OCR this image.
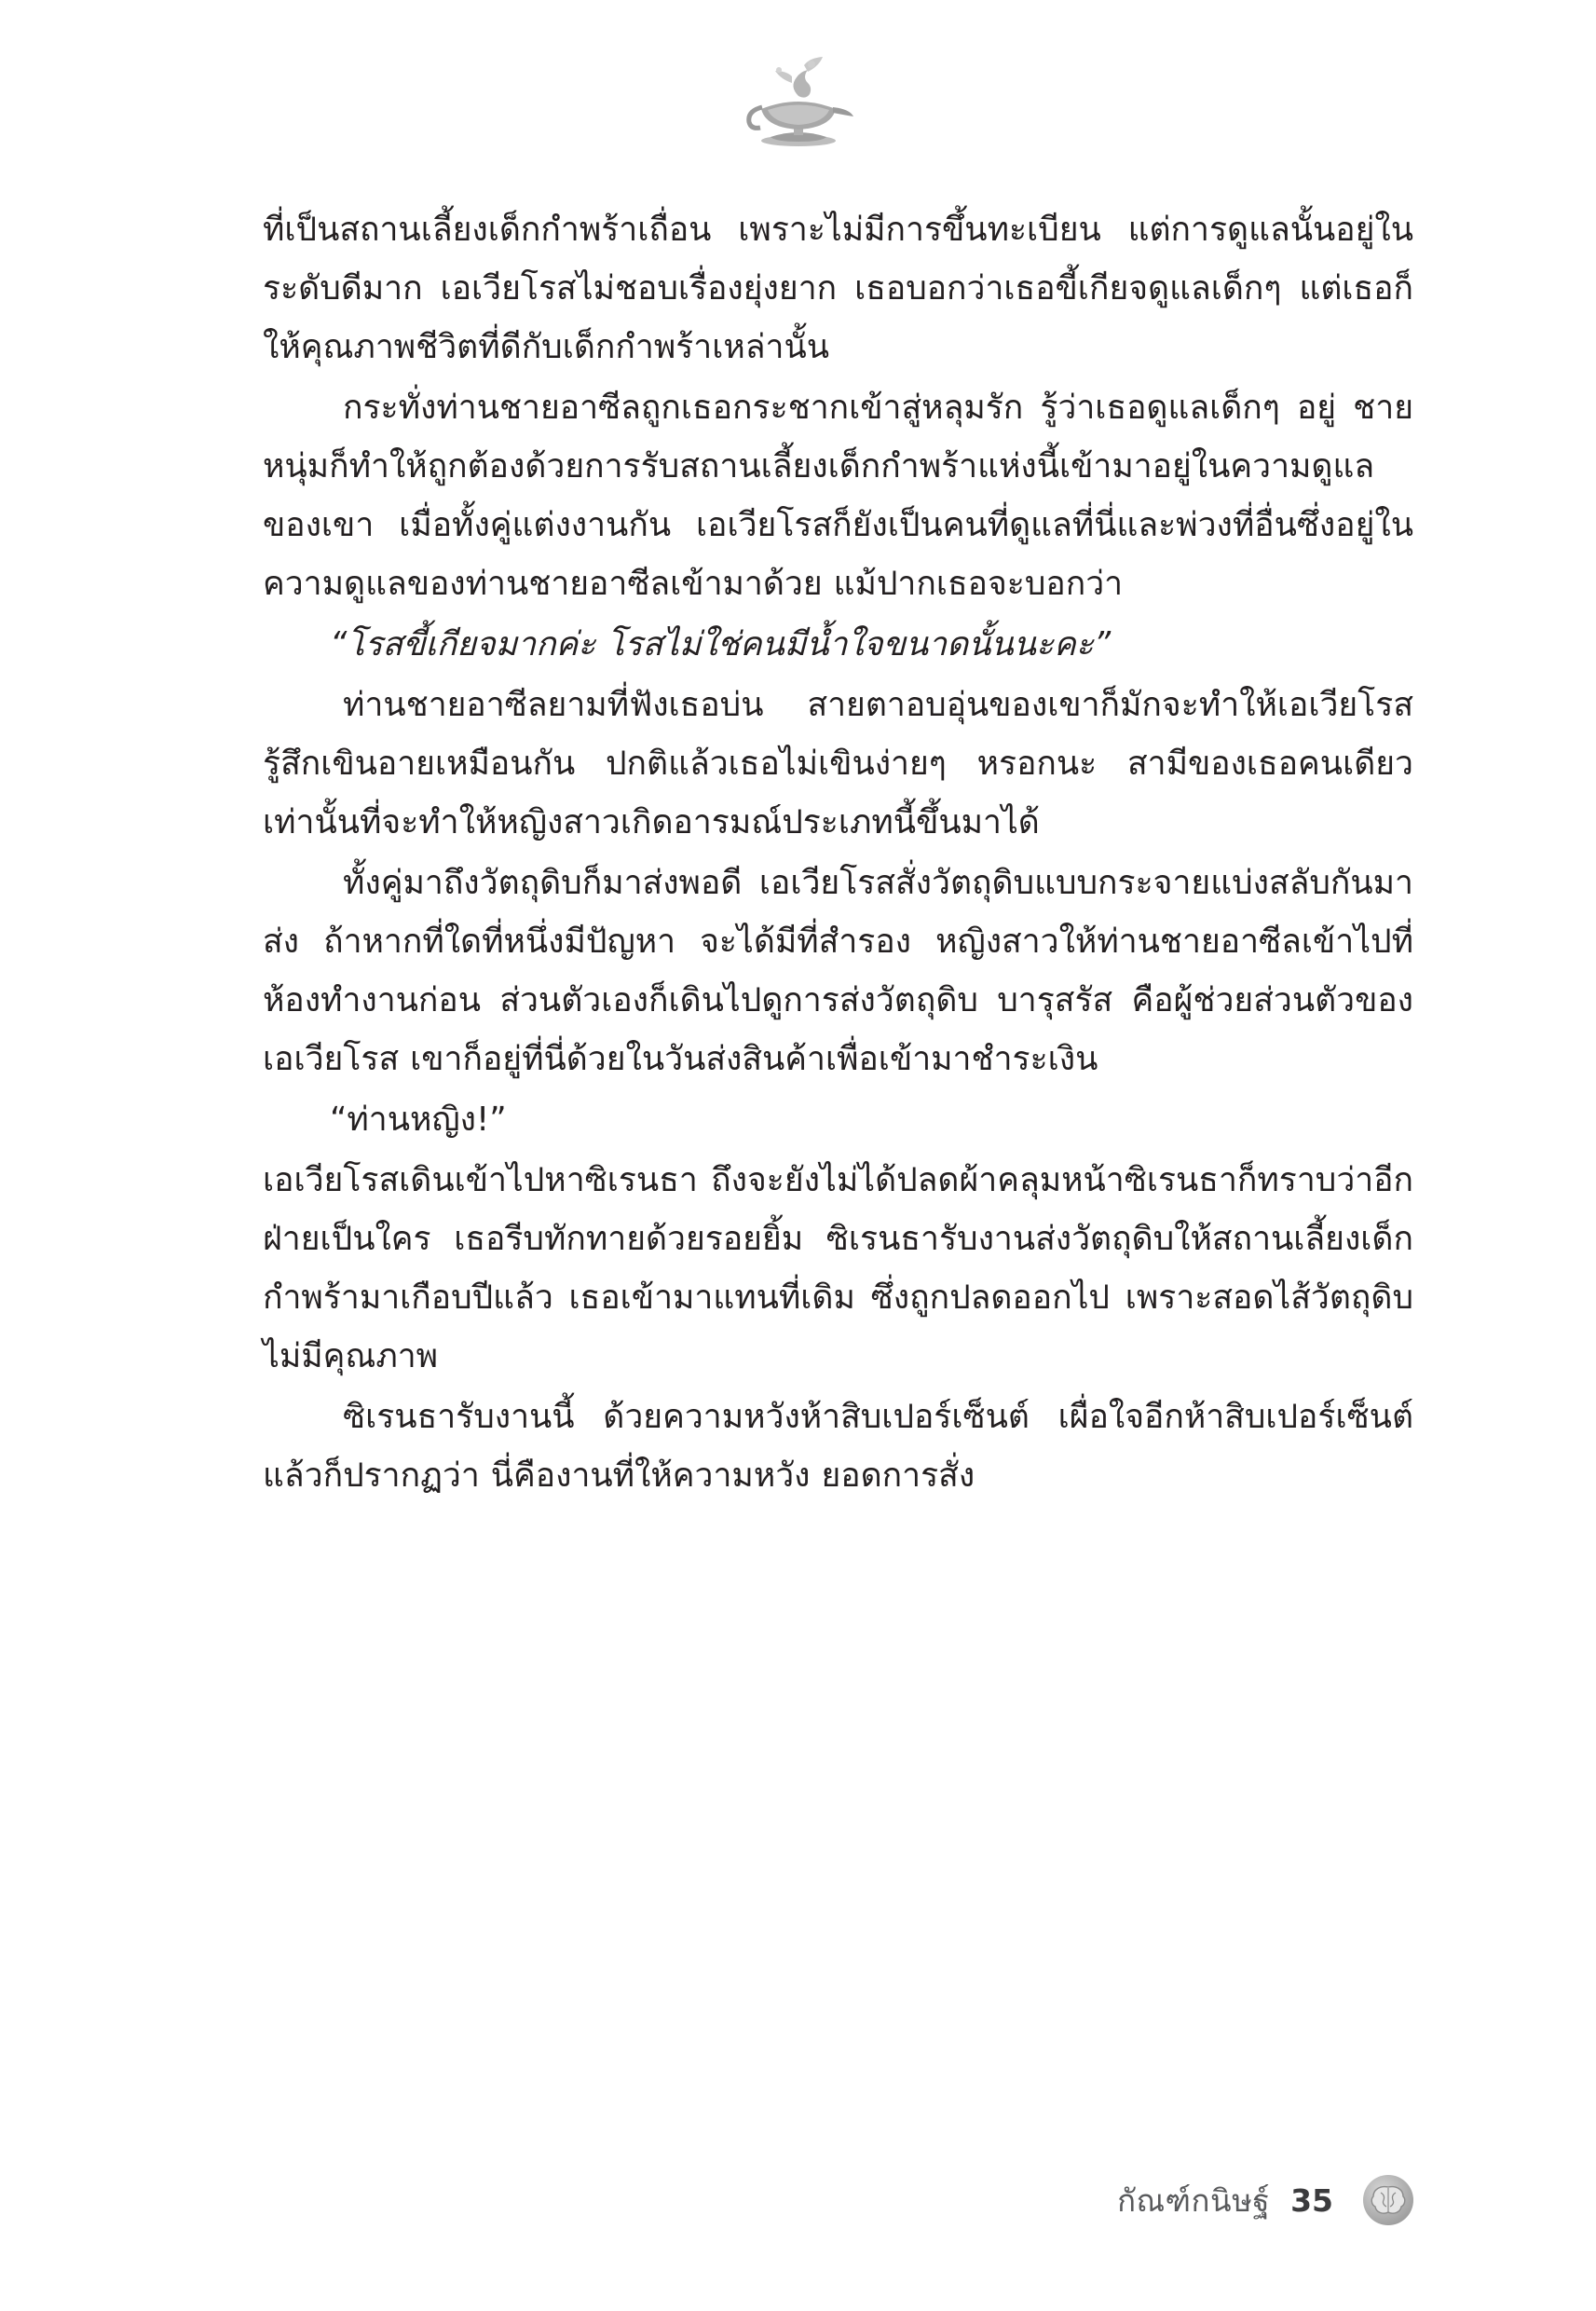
ที่เป็นสถานเลี้ยงเด็กกำพร้าเถื่อน เพราะไม่มีการขึ้นทะเบียน แต่การดูแลนั้นอยู่ในระดับดีมาก เอเวียโรสไม่ชอบเรื่องยุ่งยาก เธอบอกว่าเธอขี้เกียจดูแลเด็กๆ แต่เธอก็ให้คุณภาพชีวิตที่ดีกับเด็กกำพร้าเหล่านั้น

กระทั่งท่านชายอาซีลถูกเธอกระชากเข้าสู่หลุมรัก รู้ว่าเธอดูแลเด็กๆ อยู่ ชายหนุ่มก็ทำให้ถูกต้องด้วยการรับสถานเลี้ยงเด็กกำพร้าแห่งนี้เข้ามาอยู่ในความดูแลของเขา เมื่อทั้งคู่แต่งงานกัน เอเวียโรสก็ยังเป็นคนที่ดูแลที่นี่และพ่วงที่อื่นซึ่งอยู่ในความดูแลของท่านชายอาซีลเข้ามาด้วย แม้ปากเธอจะบอกว่า

“โรสขี้เกียจมากค่ะ โรสไม่ใช่คนมีน้ำใจขนาดนั้นนะคะ”

ท่านชายอาซีลยามที่ฟังเธอบ่น สายตาอบอุ่นของเขาก็มักจะทำให้เอเวียโรสรู้สึกเขินอายเหมือนกัน ปกติแล้วเธอไม่เขินง่ายๆ หรอกนะ สามีของเธอคนเดียวเท่านั้นที่จะทำให้หญิงสาวเกิดอารมณ์ประเภทนี้ขึ้นมาได้

ทั้งคู่มาถึงวัตถุดิบก็มาส่งพอดี เอเวียโรสสั่งวัตถุดิบแบบกระจายแบ่งสลับกันมาส่ง ถ้าหากที่ใดที่หนึ่งมีปัญหา จะได้มีที่สำรอง หญิงสาวให้ท่านชายอาซีลเข้าไปที่ห้องทำงานก่อน ส่วนตัวเองก็เดินไปดูการส่งวัตถุดิบ บารุสรัส คือผู้ช่วยส่วนตัวของเอเวียโรส เขาก็อยู่ที่นี่ด้วยในวันส่งสินค้าเพื่อเข้ามาชำระเงิน

“ท่านหญิง!”

เอเวียโรสเดินเข้าไปหาซิเรนธา ถึงจะยังไม่ได้ปลดผ้าคลุมหน้าซิเรนธาก็ทราบว่าอีกฝ่ายเป็นใคร เธอรีบทักทายด้วยรอยยิ้ม ซิเรนธารับงานส่งวัตถุดิบให้สถานเลี้ยงเด็กกำพร้ามาเกือบปีแล้ว เธอเข้ามาแทนที่เดิม ซึ่งถูกปลดออกไป เพราะสอดไส้วัตถุดิบไม่มีคุณภาพ

ซิเรนธารับงานนี้ ด้วยความหวังห้าสิบเปอร์เซ็นต์ เผื่อใจอีกห้าสิบเปอร์เซ็นต์ แล้วก็ปรากฏว่า นี่คืองานที่ให้ความหวัง ยอดการสั่ง

กัณฑ์กนิษฐ์ 35
